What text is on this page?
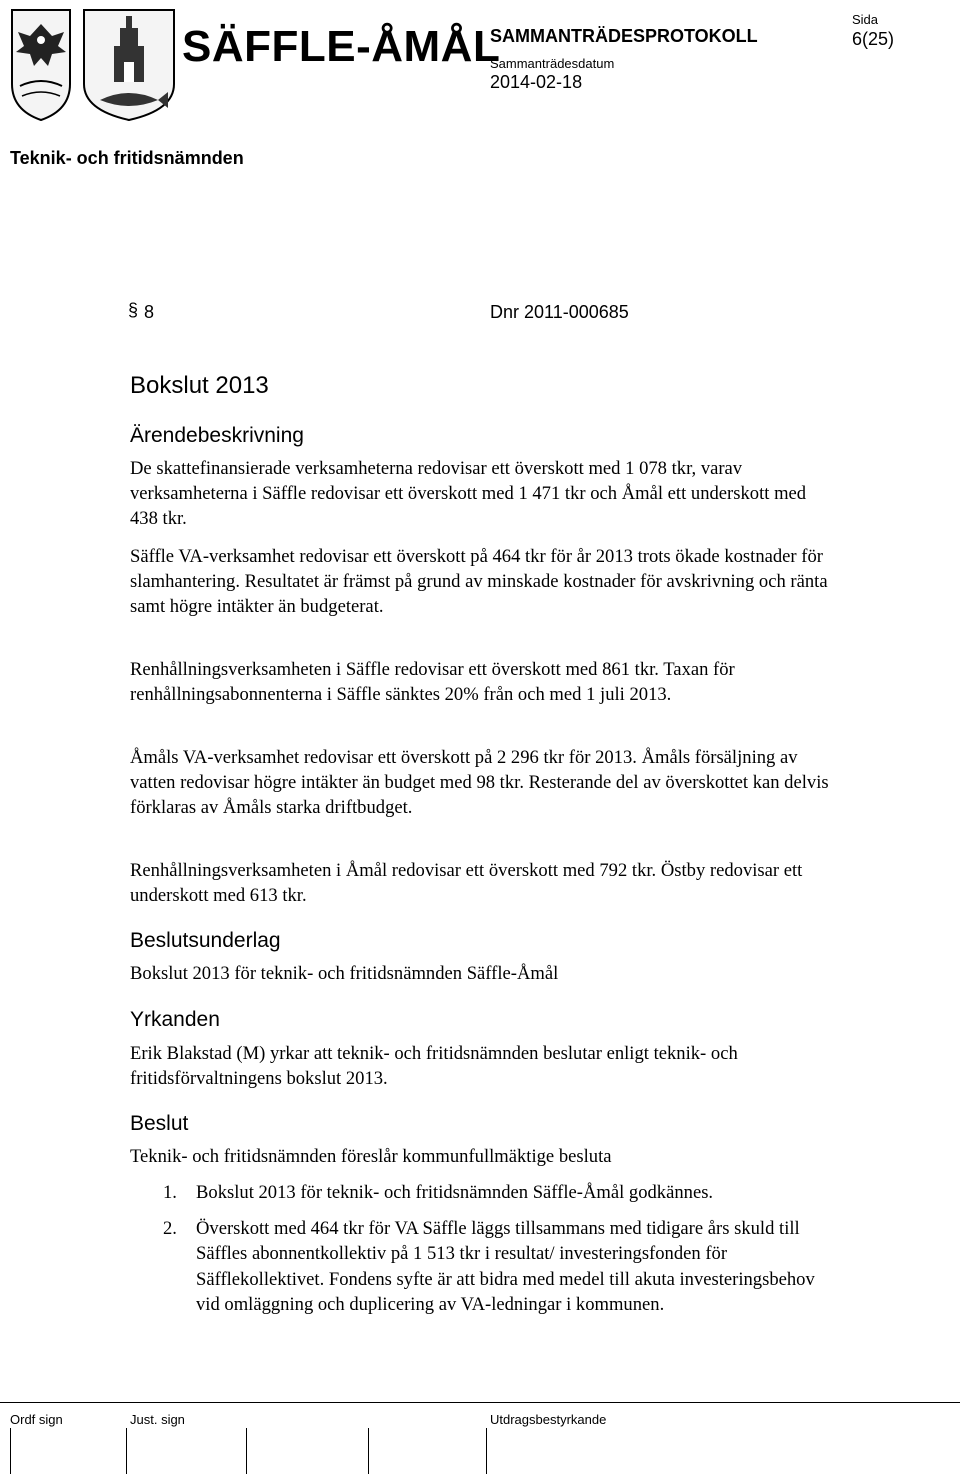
SÄFFLE-ÅMÅL
SAMMANTRÄDESPROTOKOLL
Sida
6(25)
Sammanträdesdatum
2014-02-18
Teknik- och fritidsnämnden
§ 8	Dnr 2011-000685
Bokslut 2013
Ärendebeskrivning

De skattefinansierade verksamheterna redovisar ett överskott med 1 078 tkr, varav verksamheterna i Säffle redovisar ett överskott med 1 471 tkr och Åmål ett underskott med 438 tkr.

Säffle VA-verksamhet redovisar ett överskott på 464 tkr för år 2013 trots ökade kostnader för slamhantering. Resultatet är främst på grund av minskade kostnader för avskrivning och ränta samt högre intäkter än budgeterat.

Renhållningsverksamheten i Säffle redovisar ett överskott med 861 tkr. Taxan för renhållningsabonnenterna i Säffle sänktes 20% från och med 1 juli 2013.

Åmåls VA-verksamhet redovisar ett överskott på 2 296 tkr för 2013. Åmåls försäljning av vatten redovisar högre intäkter än budget med 98 tkr. Resterande del av överskottet kan delvis förklaras av Åmåls starka driftbudget.

Renhållningsverksamheten i Åmål redovisar ett överskott med 792 tkr. Östby redovisar ett underskott med 613 tkr.

Beslutsunderlag

Bokslut 2013 för teknik- och fritidsnämnden Säffle-Åmål

Yrkanden

Erik Blakstad (M) yrkar att teknik- och fritidsnämnden beslutar enligt teknik- och fritidsförvaltningens bokslut 2013.

Beslut

Teknik- och fritidsnämnden föreslår kommunfullmäktige besluta

1. Bokslut 2013 för teknik- och fritidsnämnden Säffle-Åmål godkännes.
2. Överskott med 464 tkr för VA Säffle läggs tillsammans med tidigare års skuld till Säffles abonnentkollektiv på 1 513 tkr i resultat/ investeringsfonden för Säfflekollektivet. Fondens syfte är att bidra med medel till akuta investeringsbehov vid omläggning och duplicering av VA-ledningar i kommunen.
Ordf sign	Just. sign	Utdragsbestyrkande
